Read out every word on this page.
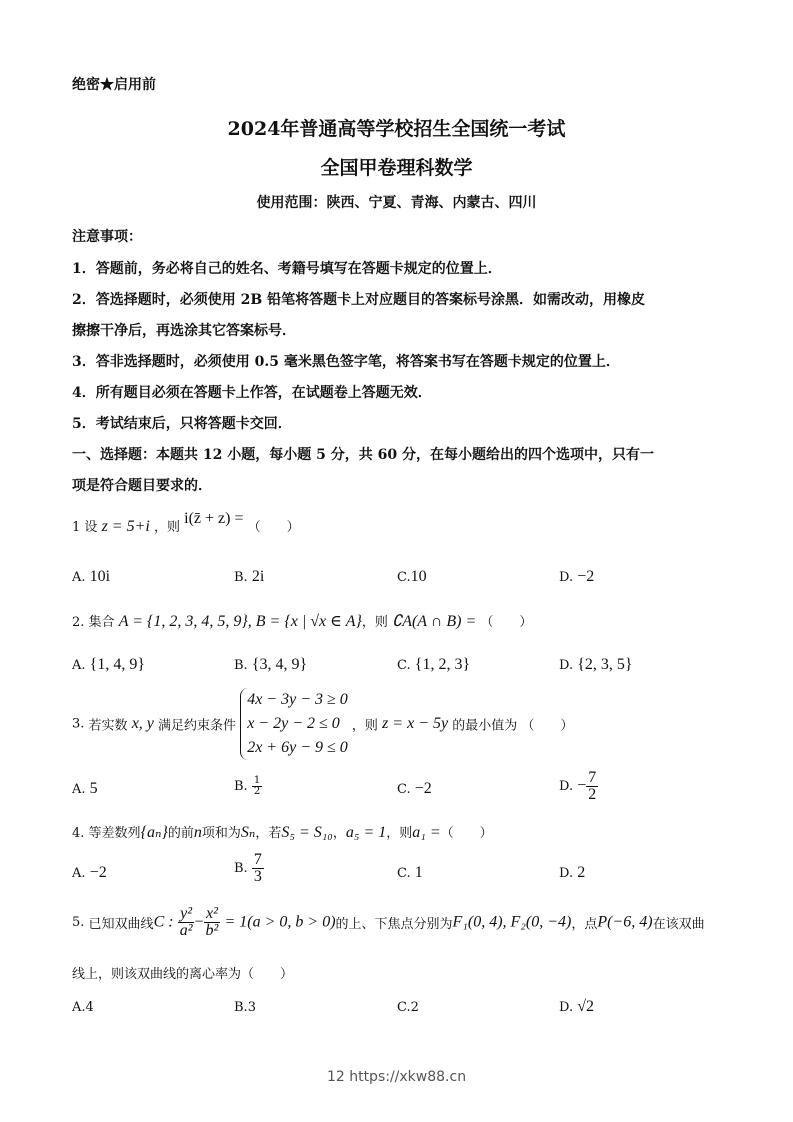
绝密★启用前
2024年普通高等学校招生全国统一考试
全国甲卷理科数学
使用范围：陕西、宁夏、青海、内蒙古、四川
注意事项：
1．答题前，务必将自己的姓名、考籍号填写在答题卡规定的位置上．
2．答选择题时，必须使用 2B 铅笔将答题卡上对应题目的答案标号涂黑．如需改动，用橡皮
擦擦干净后，再选涂其它答案标号．
3．答非选择题时，必须使用 0.5 毫米黑色签字笔，将答案书写在答题卡规定的位置上．
4．所有题目必须在答题卡上作答，在试题卷上答题无效．
5．考试结束后，只将答题卡交回．
一、选择题：本题共 12 小题，每小题 5 分，共 60 分，在每小题给出的四个选项中，只有一
项是符合题目要求的．
1 设 z = 5+i ，则 i(z̄ + z) = （　　）
A. 10i	B. 2i	C.10	D. −2
2. 集合 A = {1, 2, 3, 4, 5, 9}, B = {x | √x ∈ A}，则 ∁A(A ∩ B) = （　　）
A. {1, 4, 9}	B. {3, 4, 9}	C. {1, 2, 3}	D. {2, 3, 5}
3. 若实数 x, y 满足约束条件
4x − 3y − 3 ≥ 0
x − 2y − 2 ≤ 0
2x + 6y − 9 ≤ 0
，则 z = x − 5y 的最小值为 （　　）
A. 5	B. $\frac{1}{2}$	C. −2	D. − $\frac{7}{2}$
4. 等差数列{aₙ}的前n项和为Sₙ，若S₅ = S₁₀，a₅ = 1，则a₁ =（　　）
A. −2	B. $\frac{7}{3}$	C. 1	D. 2
5. 已知双曲线C : $\frac{\text{y²}}{\text{a²}} - \frac{\text{x²}}{\text{b²}} = 1(a > 0$, b > 0)的上、下焦点分别为F₁(0, 4), F₂(0, −4)，点P(−6, 4)在该双曲
线上，则该双曲线的离心率为（　　）
A.4	B.3	C.2	D. √2
12 https://xkw88.cn
